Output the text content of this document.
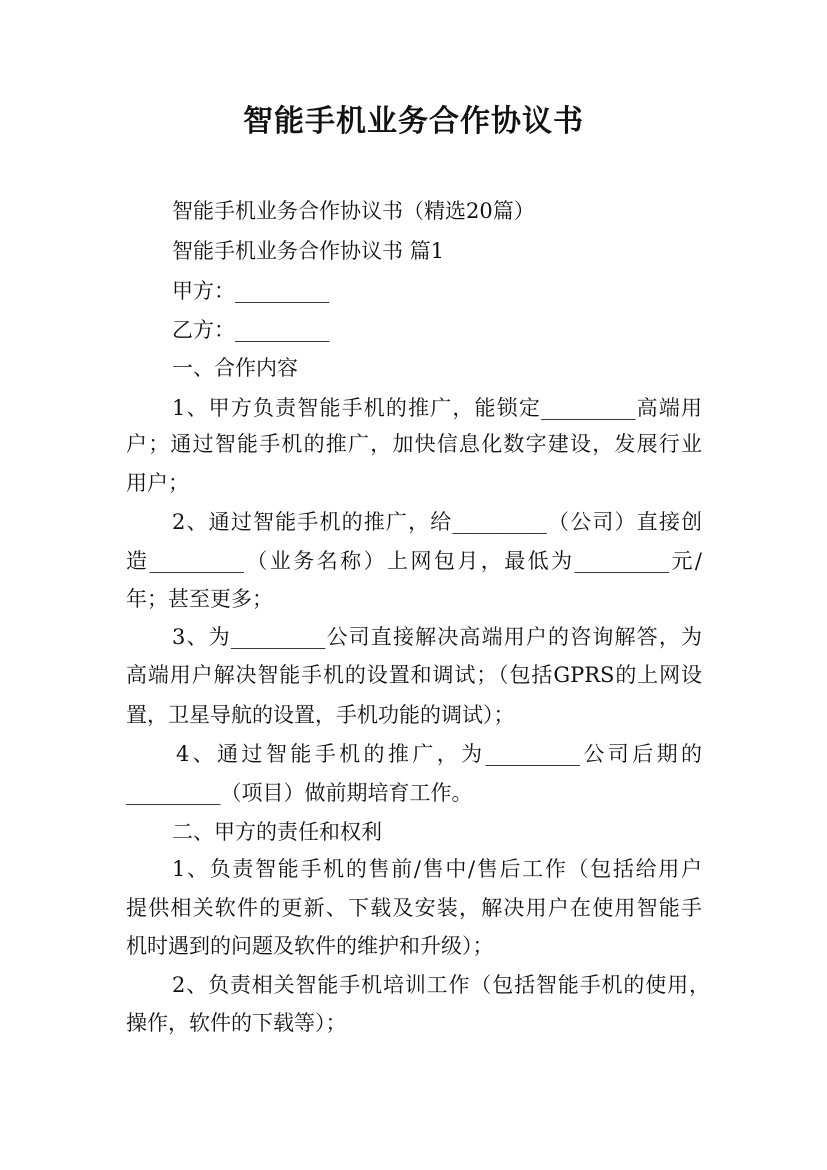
智能手机业务合作协议书

智能手机业务合作协议书（精选20篇）

智能手机业务合作协议书 篇1

甲方：_________

乙方：_________

一、合作内容

1、甲方负责智能手机的推广，能锁定_________高端用

户；通过智能手机的推广，加快信息化数字建设，发展行业

用户；

2、通过智能手机的推广，给_________（公司）直接创

造_________（业务名称）上网包月，最低为_________元/

年；甚至更多；

3、为_________公司直接解决高端用户的咨询解答，为

高端用户解决智能手机的设置和调试；（包括GPRS的上网设

置，卫星导航的设置，手机功能的调试）；

4、通过智能手机的推广，为_________公司后期的

_________（项目）做前期培育工作。

二、甲方的责任和权利

1、负责智能手机的售前/售中/售后工作（包括给用户

提供相关软件的更新、下载及安装，解决用户在使用智能手

机时遇到的问题及软件的维护和升级）；

2、负责相关智能手机培训工作（包括智能手机的使用，

操作，软件的下载等）；
